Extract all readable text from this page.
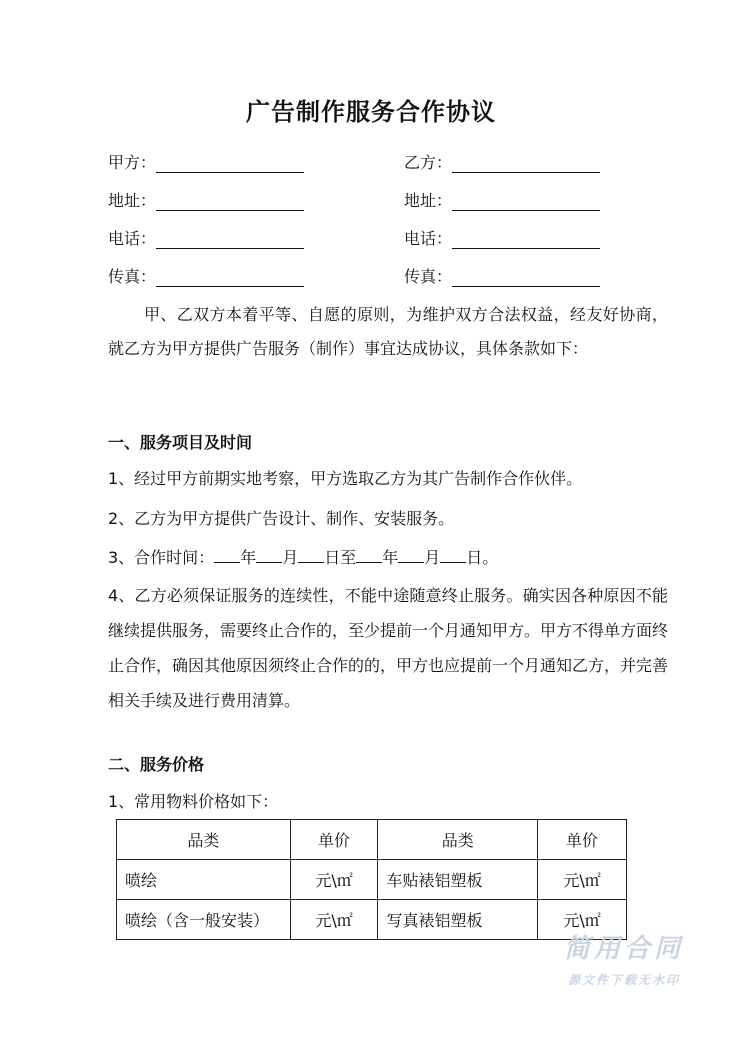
广告制作服务合作协议
甲方：	乙方：
地址：	地址：
电话：	电话：
传真：	传真：
甲、乙双方本着平等、自愿的原则，为维护双方合法权益，经友好协商，就乙方为甲方提供广告服务（制作）事宜达成协议，具体条款如下：
一、服务项目及时间
1、经过甲方前期实地考察，甲方选取乙方为其广告制作合作伙伴。
2、乙方为甲方提供广告设计、制作、安装服务。
3、合作时间： 年 月 日至 年 月 日。
4、乙方必须保证服务的连续性，不能中途随意终止服务。确实因各种原因不能继续提供服务，需要终止合作的，至少提前一个月通知甲方。甲方不得单方面终止合作，确因其他原因须终止合作的的，甲方也应提前一个月通知乙方，并完善相关手续及进行费用清算。
二、服务价格
1、常用物料价格如下：
品类	单价	品类	单价
喷绘	元\㎡	车贴裱铝塑板	元\㎡
喷绘（含一般安装）	元\㎡	写真裱铝塑板	元\㎡
简用合同
源文件下载无水印
